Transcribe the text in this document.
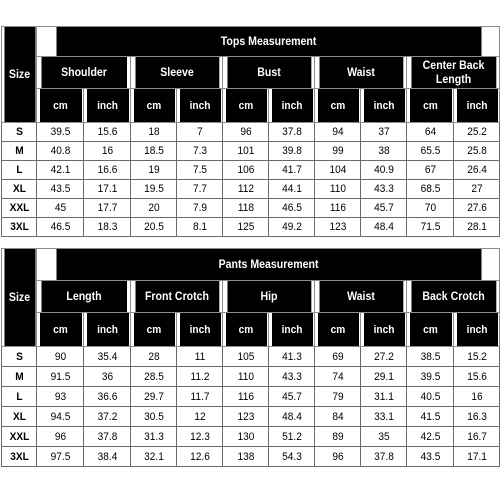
Size	Tops Measurement									
	Shoulder		Sleeve		Bust		Waist		Center Back Length	
	cm	inch	cm	inch	cm	inch	cm	inch	cm	inch
S	39.5	15.6	18	7	96	37.8	94	37	64	25.2
M	40.8	16	18.5	7.3	101	39.8	99	38	65.5	25.8
L	42.1	16.6	19	7.5	106	41.7	104	40.9	67	26.4
XL	43.5	17.1	19.5	7.7	112	44.1	110	43.3	68.5	27
XXL	45	17.7	20	7.9	118	46.5	116	45.7	70	27.6
3XL	46.5	18.3	20.5	8.1	125	49.2	123	48.4	71.5	28.1
Size	Pants Measurement									
	Length		Front Crotch		Hip		Waist		Back Crotch	
	cm	inch	cm	inch	cm	inch	cm	inch	cm	inch
S	90	35.4	28	11	105	41.3	69	27.2	38.5	15.2
M	91.5	36	28.5	11.2	110	43.3	74	29.1	39.5	15.6
L	93	36.6	29.7	11.7	116	45.7	79	31.1	40.5	16
XL	94.5	37.2	30.5	12	123	48.4	84	33.1	41.5	16.3
XXL	96	37.8	31.3	12.3	130	51.2	89	35	42.5	16.7
3XL	97.5	38.4	32.1	12.6	138	54.3	96	37.8	43.5	17.1
